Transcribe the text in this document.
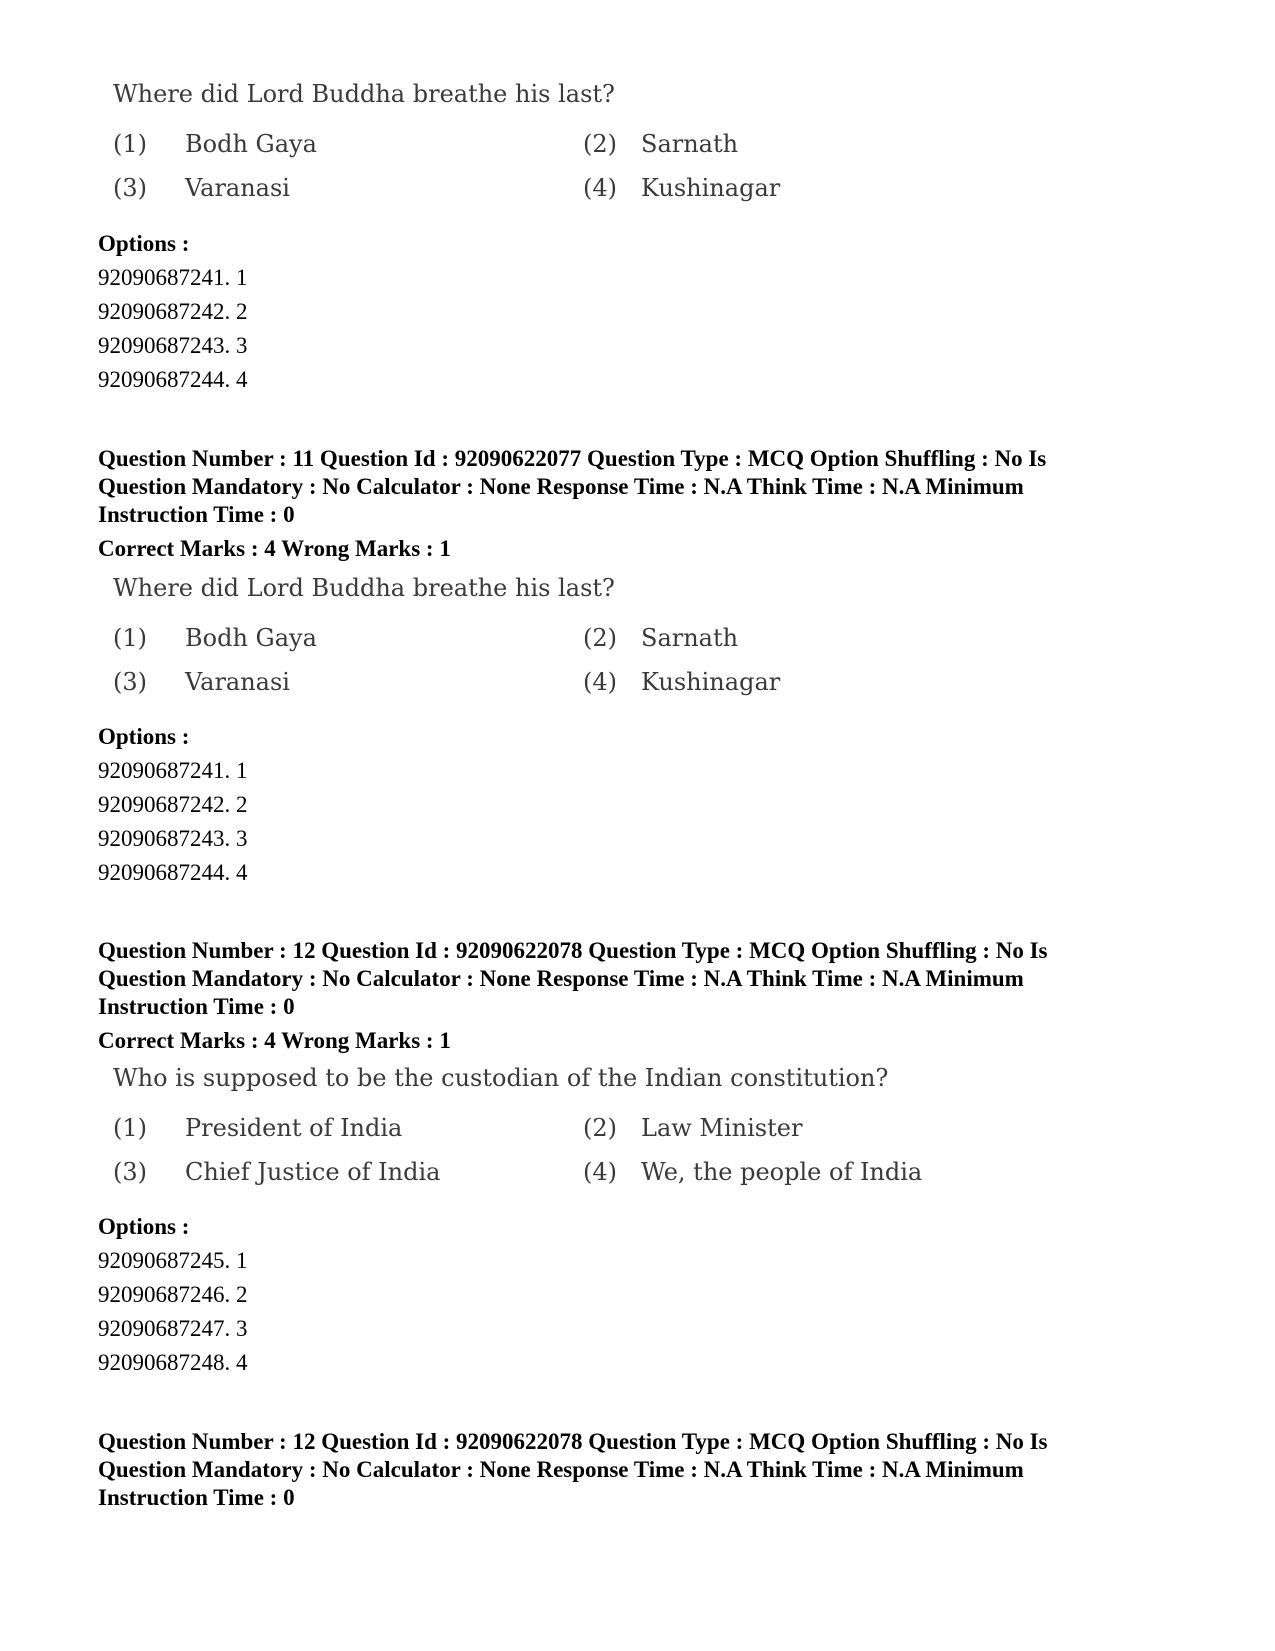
Where did Lord Buddha breathe his last?

(1) Bodh Gaya	(2) Sarnath
(3) Varanasi	(4) Kushinagar

Options :

92090687241. 1

92090687242. 2

92090687243. 3

92090687244. 4

Question Number : 11 Question Id : 92090622077 Question Type : MCQ Option Shuffling : No Is

Question Mandatory : No Calculator : None Response Time : N.A Think Time : N.A Minimum

Instruction Time : 0

Correct Marks : 4 Wrong Marks : 1

Where did Lord Buddha breathe his last?

(1) Bodh Gaya	(2) Sarnath
(3) Varanasi	(4) Kushinagar

Options :

92090687241. 1

92090687242. 2

92090687243. 3

92090687244. 4

Question Number : 12 Question Id : 92090622078 Question Type : MCQ Option Shuffling : No Is

Question Mandatory : No Calculator : None Response Time : N.A Think Time : N.A Minimum

Instruction Time : 0

Correct Marks : 4 Wrong Marks : 1

Who is supposed to be the custodian of the Indian constitution?

(1) President of India	(2) Law Minister
(3) Chief Justice of India	(4) We, the people of India

Options :

92090687245. 1

92090687246. 2

92090687247. 3

92090687248. 4

Question Number : 12 Question Id : 92090622078 Question Type : MCQ Option Shuffling : No Is

Question Mandatory : No Calculator : None Response Time : N.A Think Time : N.A Minimum

Instruction Time : 0
